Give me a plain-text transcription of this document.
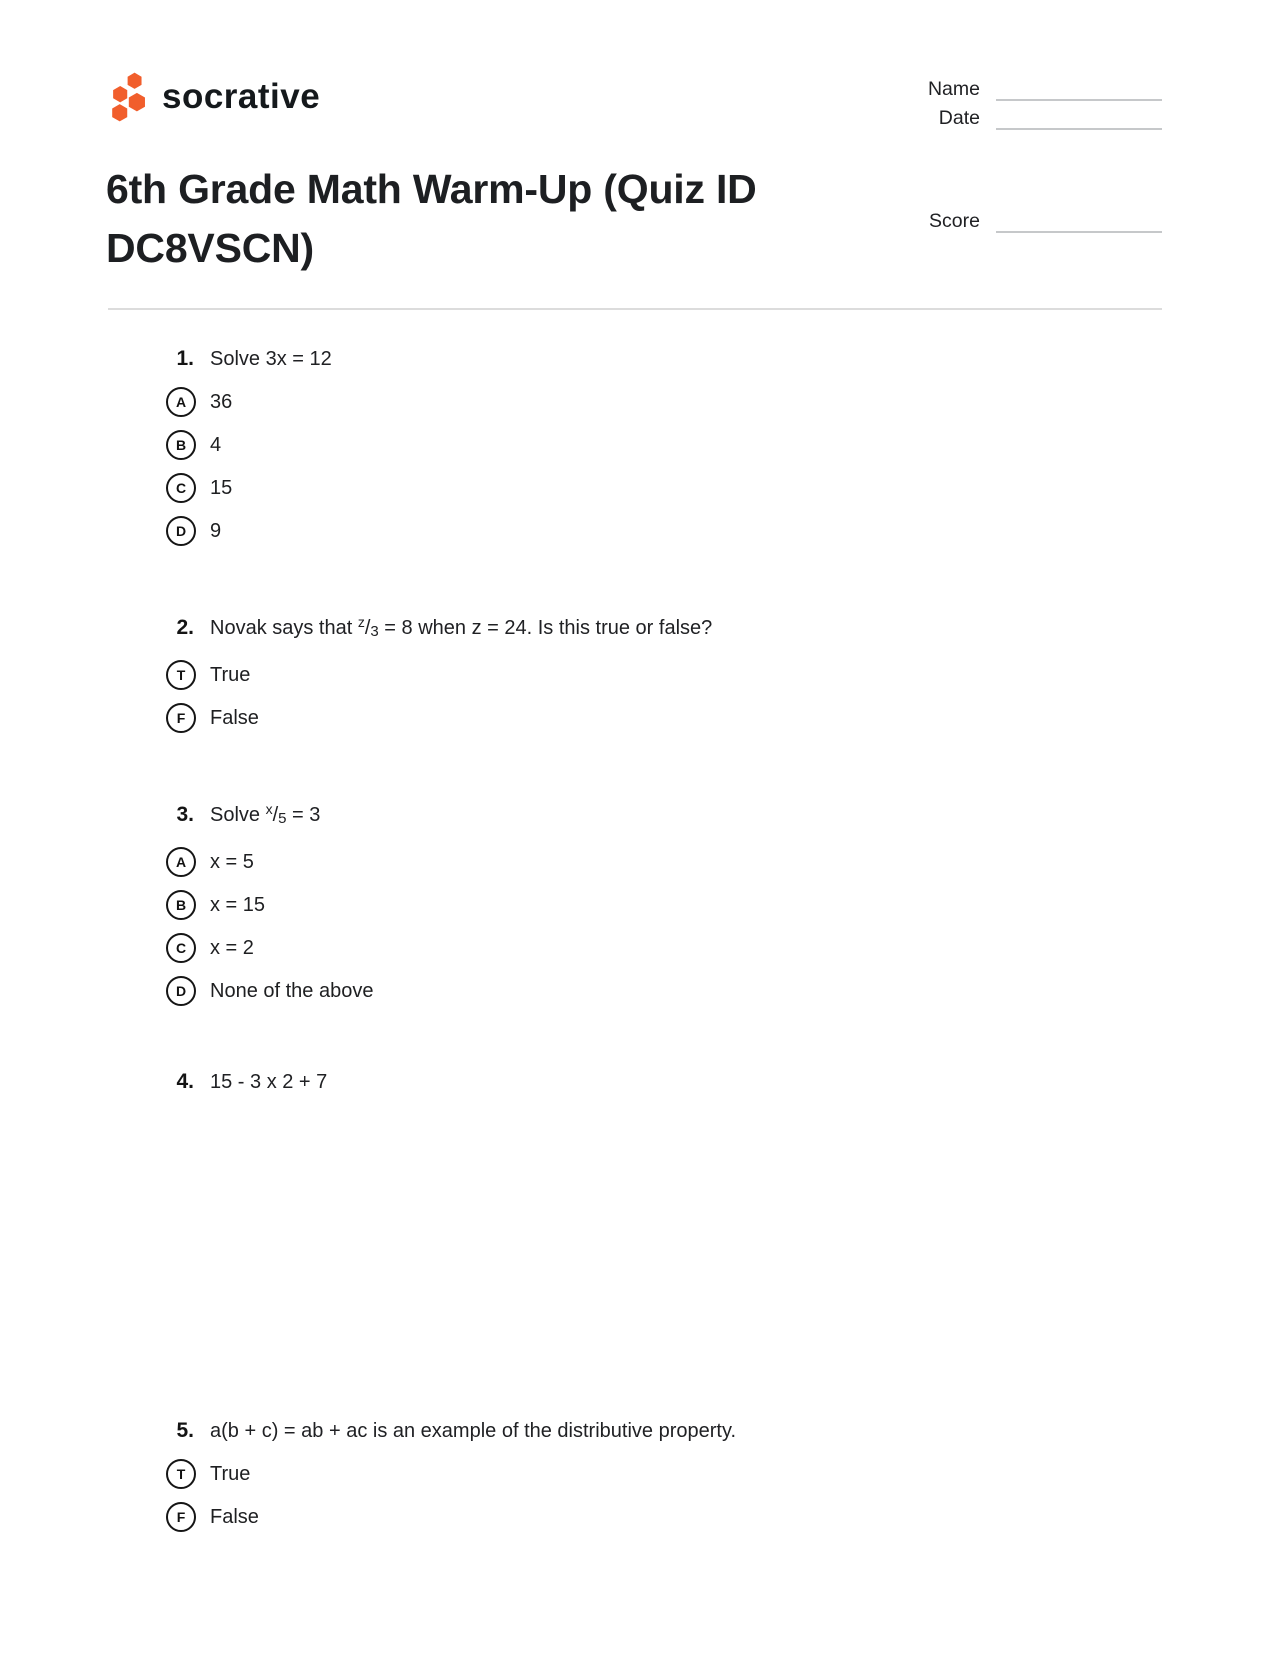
socrative	Name
Date
Score
6th Grade Math Warm-Up (Quiz ID DC8VSCN)
1. Solve 3x = 12
A 36
B 4
C 15
D 9
2. Novak says that $^z$/3 = 8 when z = 24. Is this true or false?
T True
F False
3. Solve $^x$/5 = 3
A x = 5
B x = 15
C x = 2
D None of the above
4. 15 - 3 x 2 + 7
5. a(b + c) = ab + ac is an example of the distributive property.
T True
F False
